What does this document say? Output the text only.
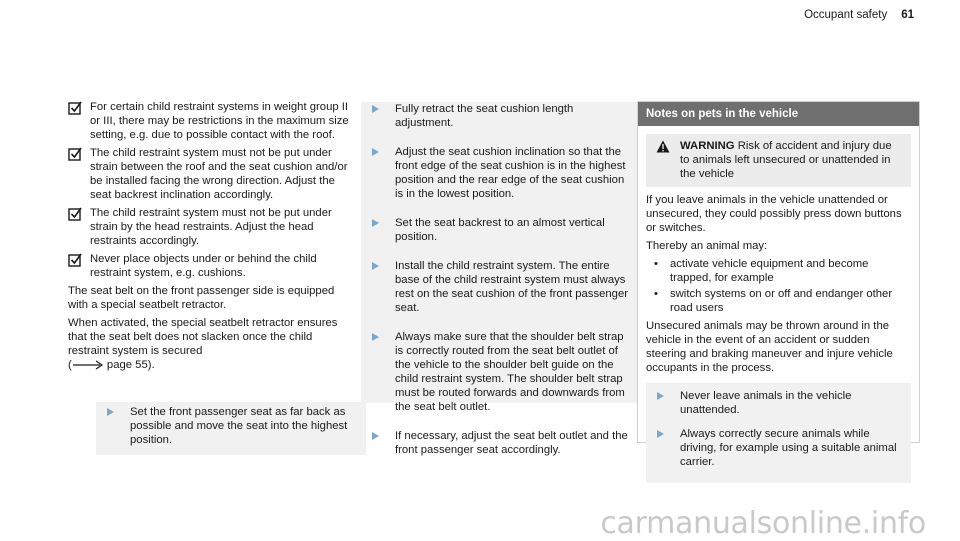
Occupant safety 61
For certain child restraint systems in weight group II or III, there may be restrictions in the maximum size setting, e.g. due to possible contact with the roof.
The child restraint system must not be put under strain between the roof and the seat cushion and/or be installed facing the wrong direction. Adjust the seat backrest inclination accordingly.
The child restraint system must not be put under strain by the head restraints. Adjust the head restraints accordingly.
Never place objects under or behind the child restraint system, e.g. cushions.

The seat belt on the front passenger side is equipped with a special seatbelt retractor.

When activated, the special seatbelt retractor ensures that the seat belt does not slacken once the child restraint system is secured
(	page 55).

Set the front passenger seat as far back as possible and move the seat into the highest position.
Fully retract the seat cushion length adjustment.
Adjust the seat cushion inclination so that the front edge of the seat cushion is in the highest position and the rear edge of the seat cushion is in the lowest position.
Set the seat backrest to an almost vertical position.
Install the child restraint system. The entire base of the child restraint system must always rest on the seat cushion of the front passenger seat.
Always make sure that the shoulder belt strap is correctly routed from the seat belt outlet of the vehicle to the shoulder belt guide on the child restraint system. The shoulder belt strap must be routed forwards and downwards from the seat belt outlet.
If necessary, adjust the seat belt outlet and the front passenger seat accordingly.
Notes on pets in the vehicle
WARNING Risk of accident and injury due to animals left unsecured or unattended in the vehicle

If you leave animals in the vehicle unattended or unsecured, they could possibly press down buttons or switches.

Thereby an animal may:

• activate vehicle equipment and become trapped, for example
• switch systems on or off and endanger other road users

Unsecured animals may be thrown around in the vehicle in the event of an accident or sudden steering and braking maneuver and injure vehicle occupants in the process.

Never leave animals in the vehicle unattended.
Always correctly secure animals while driving, for example using a suitable animal carrier.
carmanualsonline.info
